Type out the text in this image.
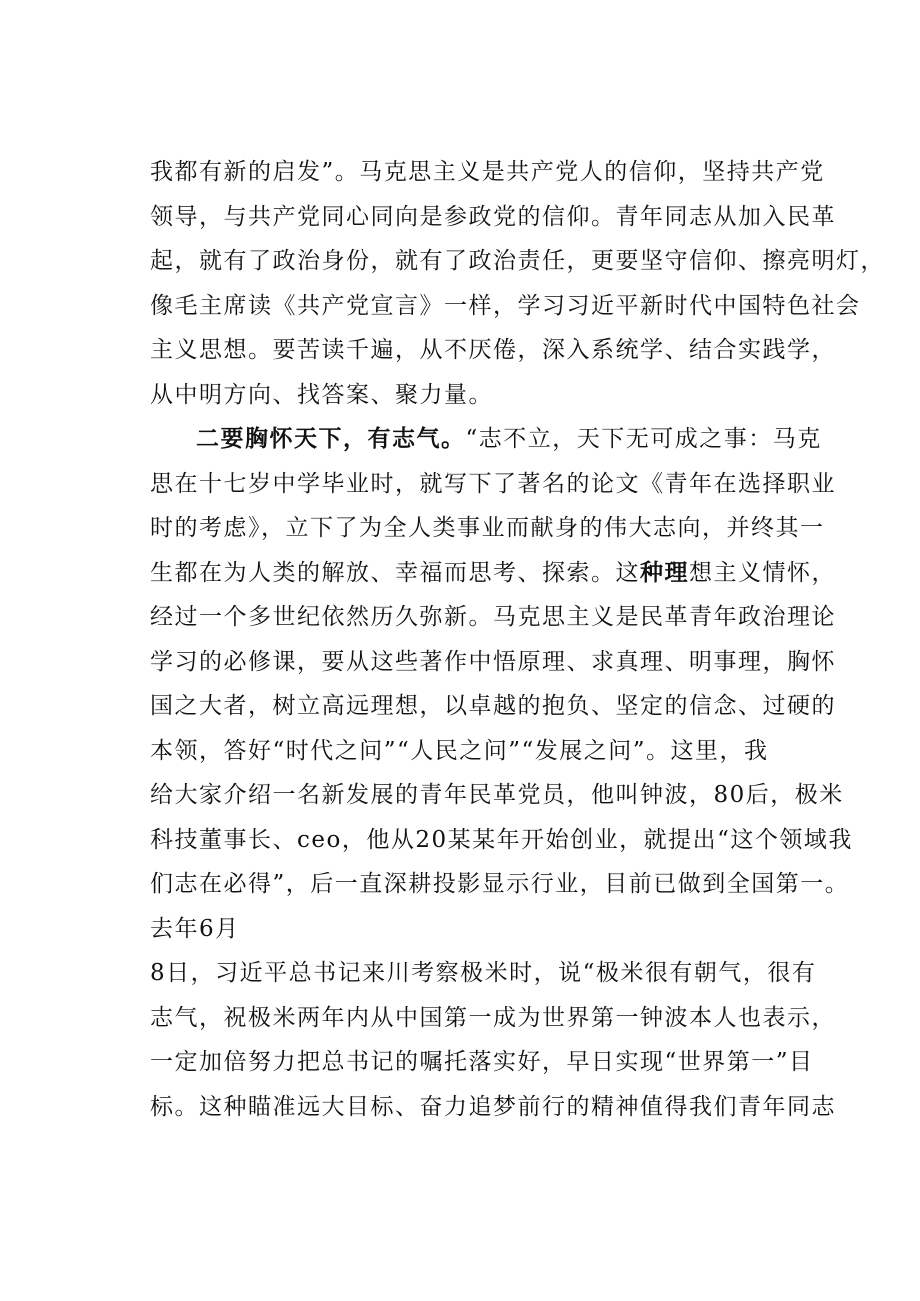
我都有新的启发”。马克思主义是共产党人的信仰，坚持共产党
领导，与共产党同心同向是参政党的信仰。青年同志从加入民革
起，就有了政治身份，就有了政治责任，更要坚守信仰、擦亮明灯，
像毛主席读《共产党宣言》一样，学习习近平新时代中国特色社会
主义思想。要苦读千遍，从不厌倦，深入系统学、结合实践学，
从中明方向、找答案、聚力量。
二要胸怀天下，有志气。“志不立，天下无可成之事：马克
思在十七岁中学毕业时，就写下了著名的论文《青年在选择职业
时的考虑》，立下了为全人类事业而献身的伟大志向，并终其一
生都在为人类的解放、幸福而思考、探索。这种理想主义情怀，
经过一个多世纪依然历久弥新。马克思主义是民革青年政治理论
学习的必修课，要从这些著作中悟原理、求真理、明事理，胸怀
国之大者，树立高远理想，以卓越的抱负、坚定的信念、过硬的
本领，答好“时代之问”“人民之问”“发展之问”。这里，我
给大家介绍一名新发展的青年民革党员，他叫钟波，80后，极米
科技董事长、ceo，他从20某某年开始创业，就提出“这个领域我
们志在必得”，后一直深耕投影显示行业，目前已做到全国第一。
去年6月
8日，习近平总书记来川考察极米时，说“极米很有朝气，很有
志气，祝极米两年内从中国第一成为世界第一钟波本人也表示，
一定加倍努力把总书记的嘱托落实好，早日实现“世界第一”目
标。这种瞄准远大目标、奋力追梦前行的精神值得我们青年同志
